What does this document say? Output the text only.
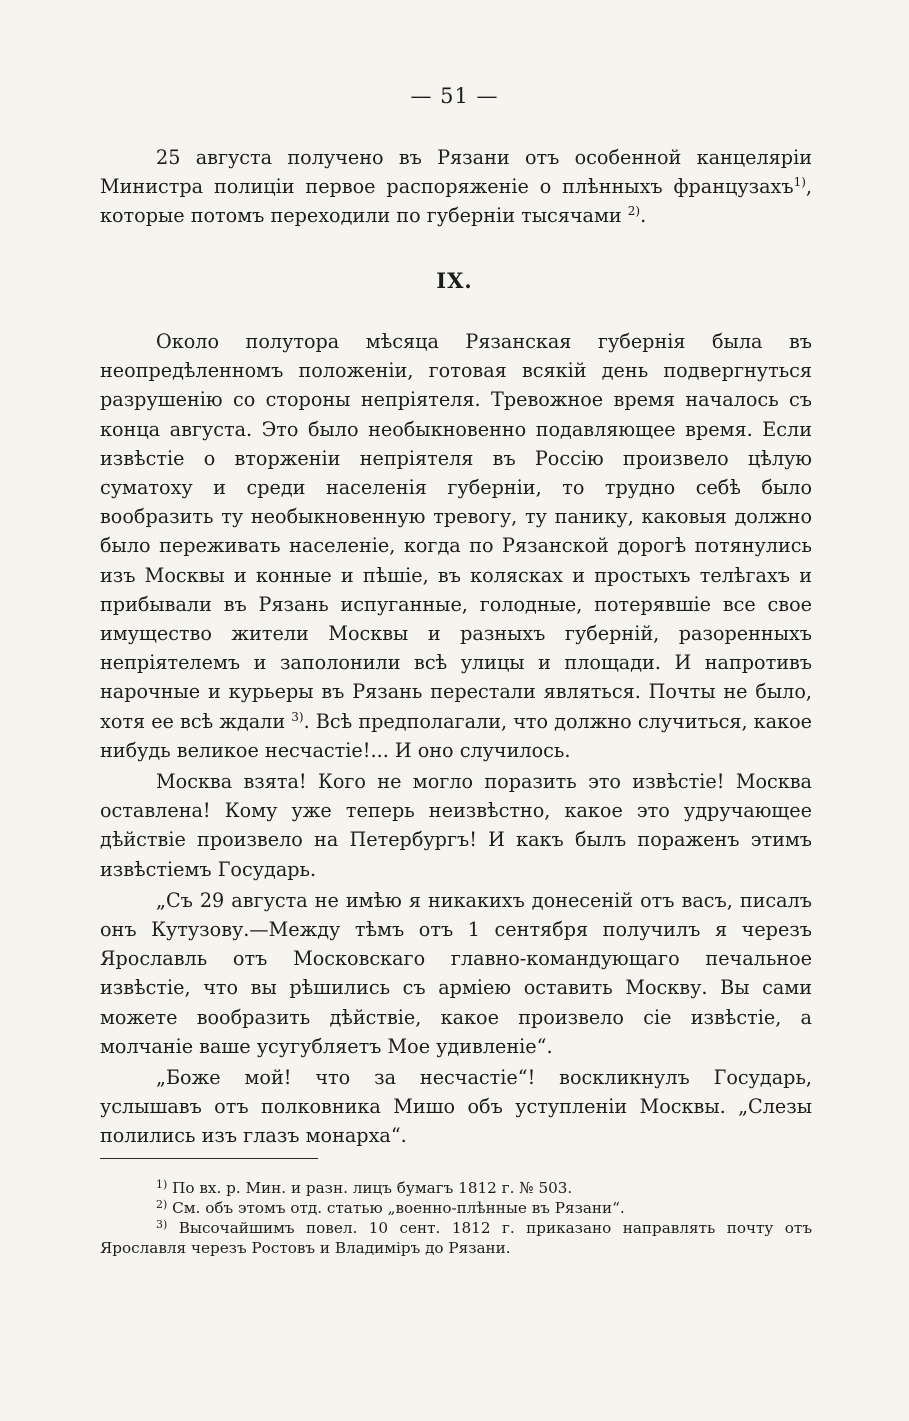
— 51 —

25 августа получено въ Рязани отъ особенной канцеляріи Министра полиціи первое распоряженіе о плѣнныхъ французахъ$^{1)}$, которые потомъ переходили по губерніи тысячами $^{2)}$.

IX.

Около полутора мѣсяца Рязанская губернія была въ неопредѣленномъ положеніи, готовая всякій день подвергнуться разрушенію со стороны непріятеля. Тревожное время началось съ конца августа. Это было необыкновенно подавляющее время. Если извѣстіе о вторженіи непріятеля въ Россію произвело цѣлую суматоху и среди населенія губерніи, то трудно себѣ было вообразить ту необыкновенную тревогу, ту панику, каковыя должно было переживать населеніе, когда по Рязанской дорогѣ потянулись изъ Москвы и конные и пѣшіе, въ колясках и простыхъ телѣгахъ и прибывали въ Рязань испуганные, голодные, потерявшіе все свое имущество жители Москвы и разныхъ губерній, разоренныхъ непріятелемъ и заполонили всѣ улицы и площади. И напротивъ нарочные и курьеры въ Рязань перестали являться. Почты не было, хотя ее всѣ ждали $^{3)}$. Всѣ предполагали, что должно случиться, какое нибудь великое несчастіе!... И оно случилось.

Москва взята! Кого не могло поразить это извѣстіе! Москва оставлена! Кому уже теперь неизвѣстно, какое это удручающее дѣйствіе произвело на Петербургъ! И какъ былъ пораженъ этимъ извѣстіемъ Государь.

„Съ 29 августа не имѣю я никакихъ донесеній отъ васъ, писалъ онъ Кутузову.—Между тѣмъ отъ 1 сентября получилъ я черезъ Ярославль отъ Московскаго главно-командующаго печальное извѣстіе, что вы рѣшились съ арміею оставить Москву. Вы сами можете вообразить дѣйствіе, какое произвело сіе извѣстіе, а молчаніе ваше усугубляетъ Мое удивленіе“.

„Боже мой! что за несчастіе“! воскликнулъ Государь, услышавъ отъ полковника Мишо объ уступленіи Москвы. „Слезы полились изъ глазъ монарха“.

$^{1)}$ По вх. р. Мин. и разн. лицъ бумагъ 1812 г. № 503.

$^{2)}$ См. объ этомъ отд. статью „военно-плѣнные въ Рязани“.

$^{3)}$ Высочайшимъ повел. 10 сент. 1812 г. приказано направлять почту отъ Ярославля черезъ Ростовъ и Владиміръ до Рязани.
